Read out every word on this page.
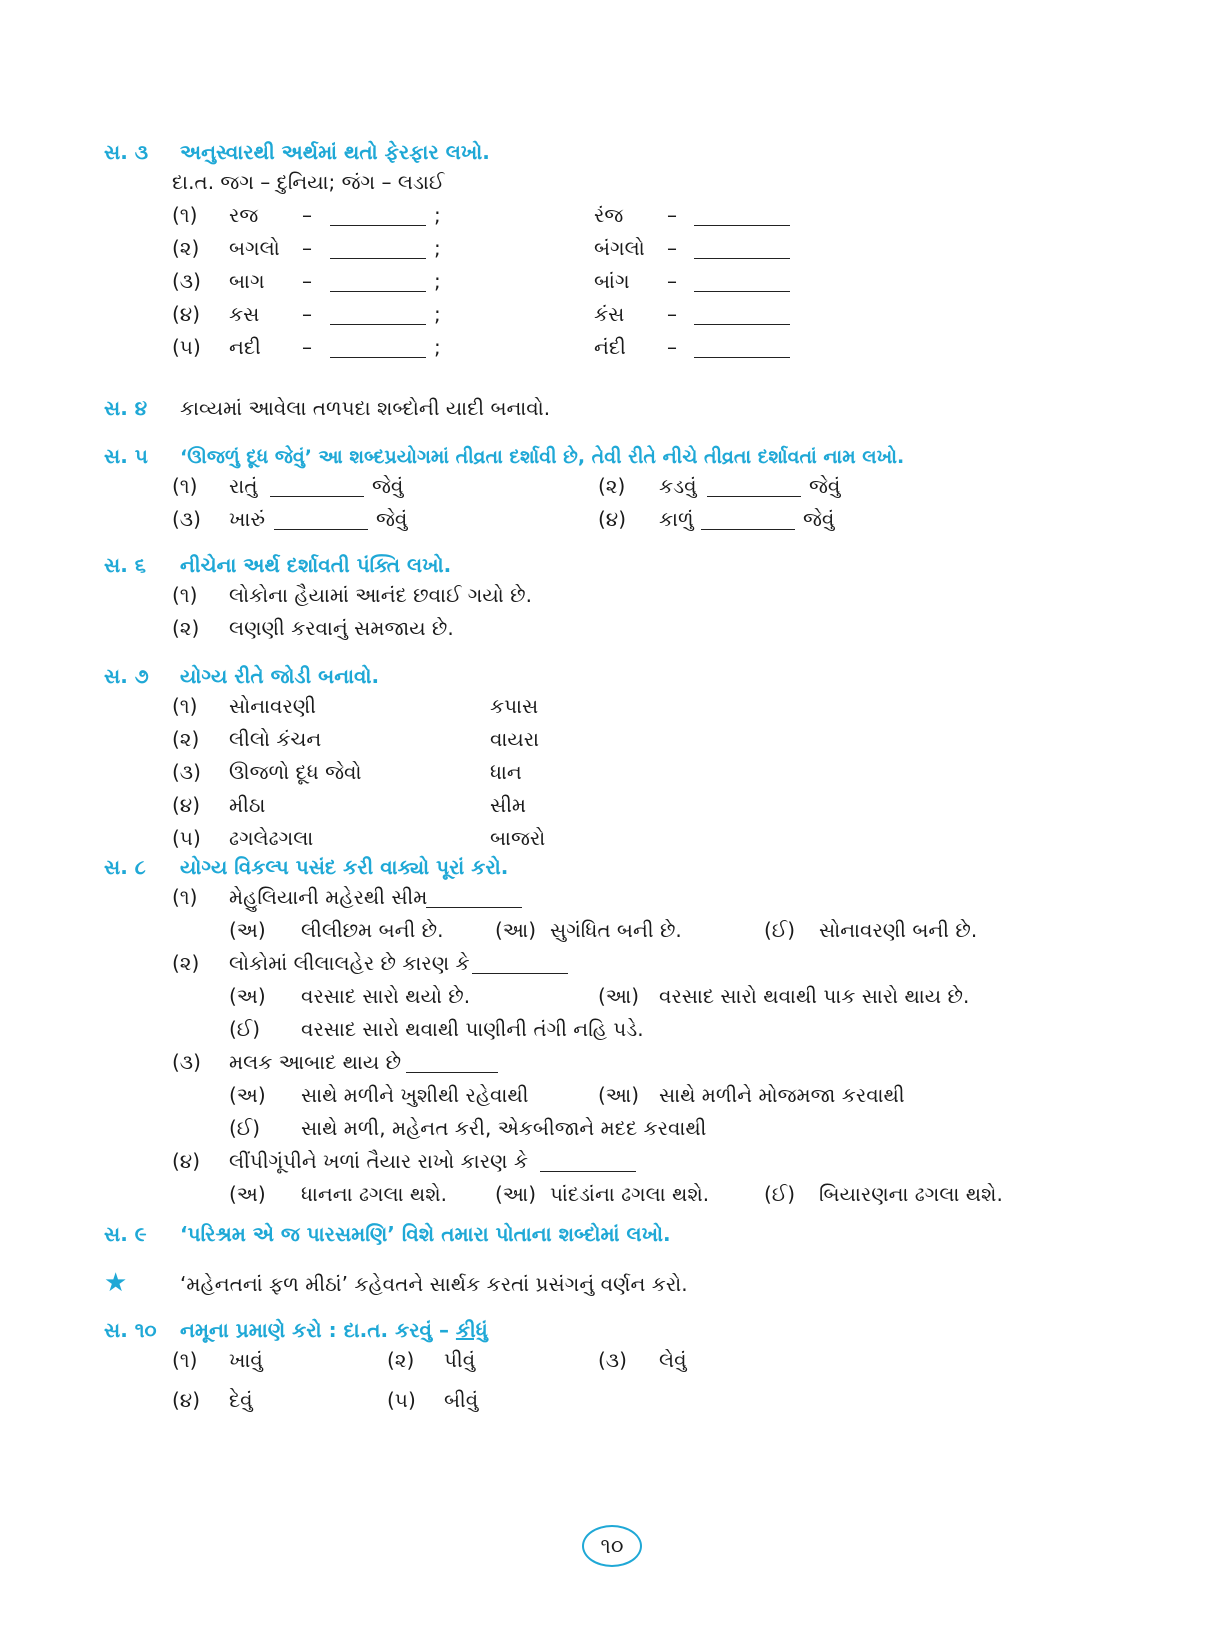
સ. ૩	અનુસ્વારથી અર્થમાં થતો ફેરફાર લખો.
દા.ત. જગ – દુનિયા; જંગ – લડાઈ
(૧) રજ –	;	રંજ –
(૨) બગલો –	;	બંગલો –
(૩) બાગ –	;	બાંગ –
(૪) કસ –	;	કંસ –
(૫) નદી –	;	નંદી –
સ. ૪	કાવ્યમાં આવેલા તળપદા શબ્દોની યાદી બનાવો.
સ. ૫	‘ઊજળું દૂધ જેવું’ આ શબ્દપ્રયોગમાં તીવ્રતા દર્શાવી છે, તેવી રીતે નીચે તીવ્રતા દર્શાવતાં નામ લખો.
(૧) રાતું	જેવું	(૨) કડવું	જેવું
(૩) ખારું	જેવું	(૪) કાળું	જેવું
સ. ૬	નીચેના અર્થ દર્શાવતી પંક્તિ લખો.
(૧) લોકોના હૈયામાં આનંદ છવાઈ ગયો છે.
(૨) લણણી કરવાનું સમજાય છે.
સ. ૭	યોગ્ય રીતે જોડી બનાવો.
(૧) સોનાવરણી	કપાસ
(૨) લીલો કંચન	વાયરા
(૩) ઊજળો દૂધ જેવો	ધાન
(૪) મીઠા	સીમ
(૫) ઢગલેઢગલા	બાજરો
સ. ૮	યોગ્ય વિકલ્પ પસંદ કરી વાક્યો પૂરાં કરો.
(૧) મેહુલિયાની મહેરથી સીમ
(અ) લીલીછમ બની છે.	(આ) સુગંધિત બની છે.	(ઈ) સોનાવરણી બની છે.
(૨) લોકોમાં લીલાલહેર છે કારણ કે
(અ) વરસાદ સારો થયો છે.	(આ) વરસાદ સારો થવાથી પાક સારો થાય છે.
(ઈ) વરસાદ સારો થવાથી પાણીની તંગી નહિ પડે.
(૩) મલક આબાદ થાય છે
(અ) સાથે મળીને ખુશીથી રહેવાથી	(આ) સાથે મળીને મોજમજા કરવાથી
(ઈ) સાથે મળી, મહેનત કરી, એકબીજાને મદદ કરવાથી
(૪) લીંપીગૂંપીને ખળાં તૈયાર રાખો કારણ કે
(અ) ધાનના ઢગલા થશે. (આ) પાંદડાંના ઢગલા થશે.	(ઈ) બિયારણના ઢગલા થશે.
સ. ૯	‘પરિશ્રમ એ જ પારસમણિ’ વિશે તમારા પોતાના શબ્દોમાં લખો.
★	‘મહેનતનાં ફળ મીઠાં’ કહેવતને સાર્થક કરતાં પ્રસંગનું વર્ણન કરો.
સ. ૧૦	નમૂના પ્રમાણે કરો : દા.ત. કરવું – કીધું
(૧) ખાવું	(૨) પીવું	(૩) લેવું
(૪) દેવું	(૫) બીવું
૧૦
